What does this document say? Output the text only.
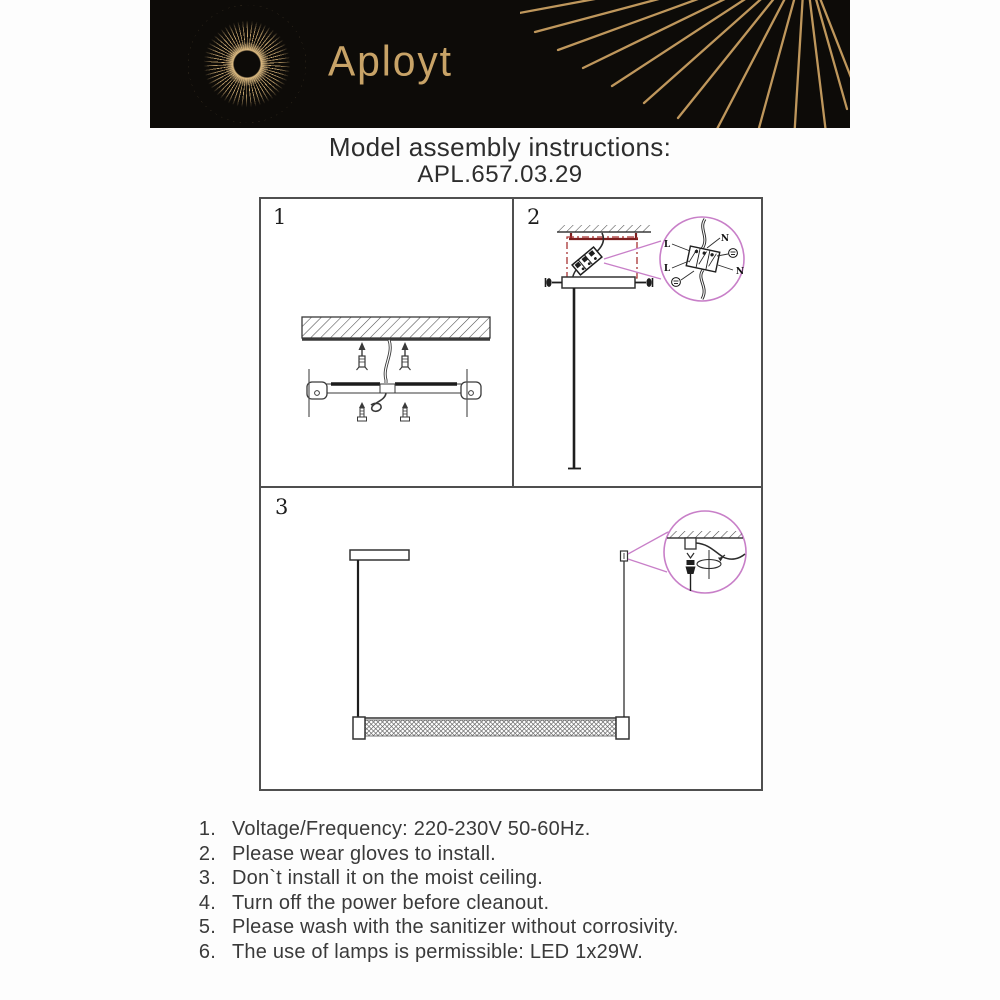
Aployt
Model assembly instructions:
APL.657.03.29
1	2
3
L
N
L	N
1. Voltage/Frequency: 220-230V 50-60Hz.
2. Please wear gloves to install.
3. Don`t install it on the moist ceiling.
4. Turn off the power before cleanout.
5. Please wash with the sanitizer without corrosivity.
6. The use of lamps is permissible: LED 1x29W.
